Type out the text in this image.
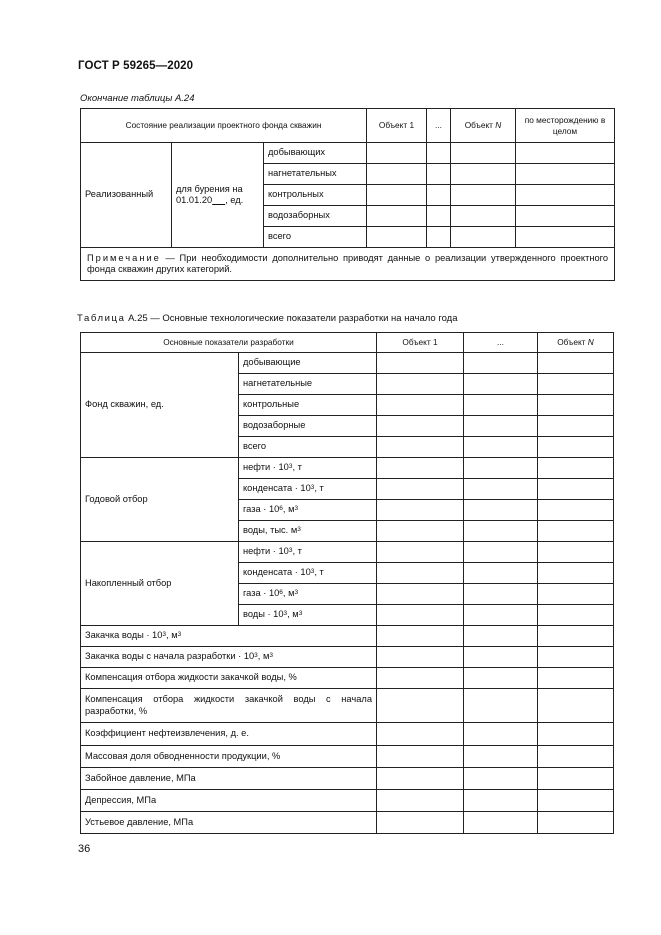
ГОСТ Р 59265—2020
Окончание таблицы А.24
Состояние реализации проектного фонда скважин			Объект 1	...	Объект N	по месторождению в целом
Реализованный	для бурения на 01.01.20 , ед.	добывающих				
		нагнетательных				
		контрольных				
		водозаборных				
		всего				
Примечание — При необходимости дополнительно приводят данные о реализации утвержденного проектного фонда скважин других категорий.						
Таблица А.25 — Основные технологические показатели разработки на начало года
Основные показатели разработки		Объект 1	...	Объект N
Фонд скважин, ед.	добывающие			
	нагнетательные			
	контрольные			
	водозаборные			
	всего			
Годовой отбор	нефти · $10^3$, т			
	конденсата · $10^3$, т			
	газа · $10^6$, $м^3$			
	воды, тыс. $м^3$			
Накопленный отбор	нефти · $10^3$, т			
	конденсата · $10^3$, т			
	газа · $10^6$, $м^3$			
	воды · $10^3$, $м^3$			
Закачка воды · $10^3$, $м^3$			
Закачка воды с начала разработки · $10^3$, $м^3$			
Компенсация отбора жидкости закачкой воды, %				
Компенсация отбора жидкости закачкой воды с начала разработки, %				
Коэффициент нефтеизвлечения, д. е.				
Массовая доля обводненности продукции, %				
Забойное давление, МПа				
Депрессия, МПа				
Устьевое давление, МПа				
36
